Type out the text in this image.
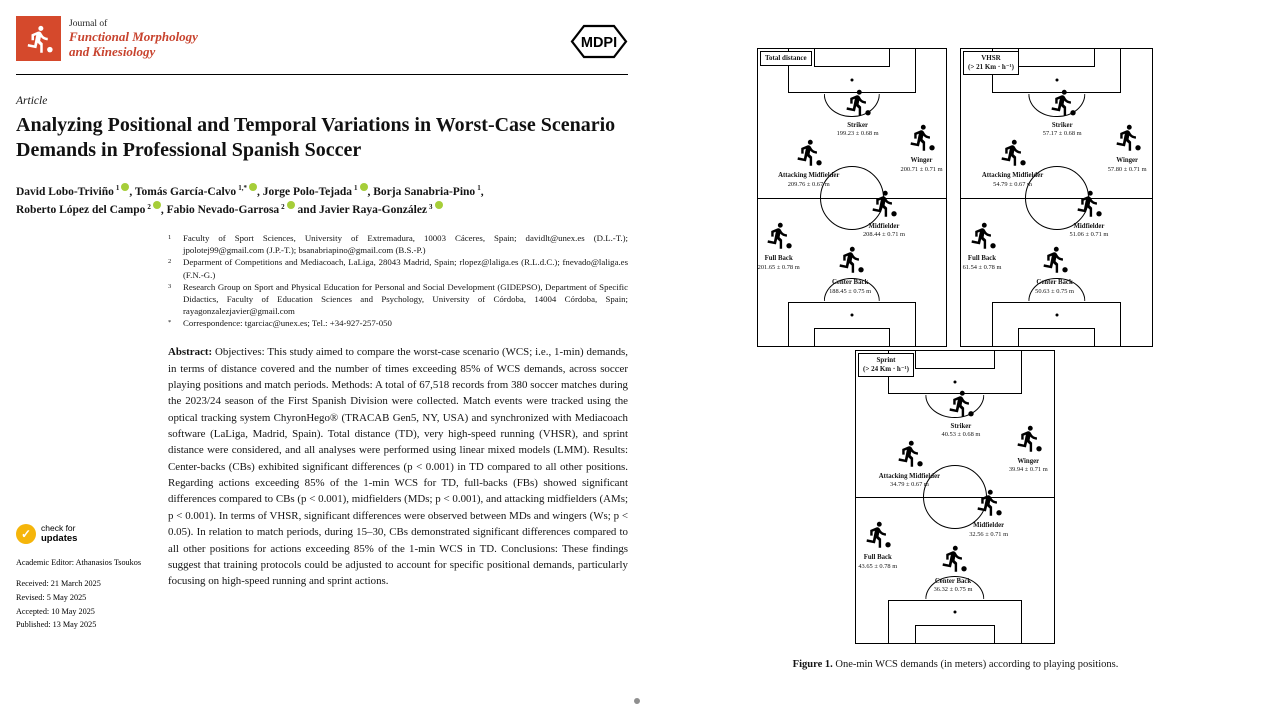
Journal of
Functional Morphology
and Kinesiology
MDPI
Article
Analyzing Positional and Temporal Variations in Worst-Case Scenario Demands in Professional Spanish Soccer
David Lobo-Triviño $^1$ , Tomás García-Calvo $^{1,*}$ , Jorge Polo-Tejada $^1$ , Borja Sanabria-Pino $^1$,
Roberto López del Campo $^2$ , Fabio Nevado-Garrosa $^2$ and Javier Raya-González $^3$
1	Faculty of Sport Sciences, University of Extremadura, 10003 Cáceres, Spain; davidlt@unex.es (D.L.-T.); jpolotej99@gmail.com (J.P.-T.); bsanabriapino@gmail.com (B.S.-P.)
2	Deparment of Competitions and Mediacoach, LaLiga, 28043 Madrid, Spain; rlopez@laliga.es (R.L.d.C.); fnevado@laliga.es (F.N.-G.)
3	Research Group on Sport and Physical Education for Personal and Social Development (GIDEPSO), Department of Specific Didactics, Faculty of Education Sciences and Psychology, University of Córdoba, 14004 Córdoba, Spain; rayagonzalezjavier@gmail.com
*	Correspondence: tgarciac@unex.es; Tel.: +34-927-257-050

Abstract: Objectives: This study aimed to compare the worst-case scenario (WCS; i.e., 1-min) demands, in terms of distance covered and the number of times exceeding 85% of WCS demands, across soccer playing positions and match periods. Methods: A total of 67,518 records from 380 soccer matches during the 2023/24 season of the First Spanish Division were collected. Match events were tracked using the optical tracking system ChyronHego® (TRACAB Gen5, NY, USA) and synchronized with Mediacoach software (LaLiga, Madrid, Spain). Total distance (TD), very high-speed running (VHSR), and sprint distance were considered, and all analyses were performed using linear mixed models (LMM). Results: Center-backs (CBs) exhibited significant differences (p < 0.001) in TD compared to all other positions. Regarding actions exceeding 85% of the 1-min WCS for TD, full-backs (FBs) showed significant differences compared to CBs (p < 0.001), midfielders (MDs; p < 0.001), and attacking midfielders (AMs; p < 0.001). In terms of VHSR, significant differences were observed between MDs and wingers (Ws; p < 0.05). In relation to match periods, during 15–30, CBs demonstrated significant differences compared to all other positions for actions exceeding 85% of the 1-min WCS in TD. Conclusions: These findings suggest that training protocols could be adjusted to account for specific positional demands, particularly focusing on high-speed running and sprint actions.

✓	check for
updates
Academic Editor: Athanasios Tsoukos
Received: 21 March 2025
Revised: 5 May 2025
Accepted: 10 May 2025
Published: 13 May 2025
Total distance
Striker
199.23 ± 0.68 m
Winger
200.71 ± 0.71 m
Attacking Midfielder
209.76 ± 0.67 m
Midfielder
208.44 ± 0.71 m
Full Back
201.65 ± 0.78 m
Center Back
188.45 ± 0.75 m
VHSR
(> 21 Km · h⁻¹)
Striker
57.17 ± 0.68 m
Winger
57.80 ± 0.71 m
Attacking Midfielder
54.79 ± 0.67 m
Midfielder
51.06 ± 0.71 m
Full Back
61.54 ± 0.78 m
Center Back
50.63 ± 0.75 m
Sprint
(> 24 Km · h⁻¹)
Striker
40.53 ± 0.68 m
Winger
39.94 ± 0.71 m
Attacking Midfielder
34.79 ± 0.67 m
Midfielder
32.56 ± 0.71 m
Full Back
43.65 ± 0.78 m
Center Back
36.32 ± 0.75 m
Figure 1. One-min WCS demands (in meters) according to playing positions.
